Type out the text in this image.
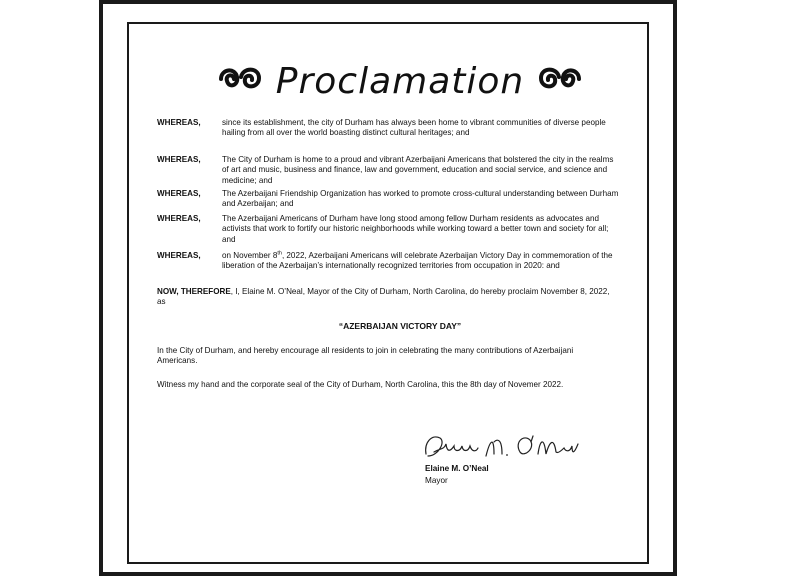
Proclamation
WHEREAS,	since its establishment, the city of Durham has always been home to vibrant communities of diverse people hailing from all over the world boasting distinct cultural heritages; and
WHEREAS,	The City of Durham is home to a proud and vibrant Azerbaijani Americans that bolstered the city in the realms of art and music, business and finance, law and government, education and social service, and science and medicine; and
WHEREAS,	The Azerbaijani Friendship Organization has worked to promote cross-cultural understanding between Durham and Azerbaijan; and
WHEREAS,	The Azerbaijani Americans of Durham have long stood among fellow Durham residents as advocates and activists that work to fortify our historic neighborhoods while working toward a better town and society for all; and
WHEREAS,	on November 8th, 2022, Azerbaijani Americans will celebrate Azerbaijan Victory Day in commemoration of the liberation of the Azerbaijan’s internationally recognized territories from occupation in 2020: and
NOW, THEREFORE, I, Elaine M. O’Neal, Mayor of the City of Durham, North Carolina, do hereby proclaim November 8, 2022, as
“AZERBAIJAN VICTORY DAY”
In the City of Durham, and hereby encourage all residents to join in celebrating the many contributions of Azerbaijani Americans.
Witness my hand and the corporate seal of the City of Durham, North Carolina, this the 8th day of Novemer 2022.
Elaine M. O’Neal
Mayor
